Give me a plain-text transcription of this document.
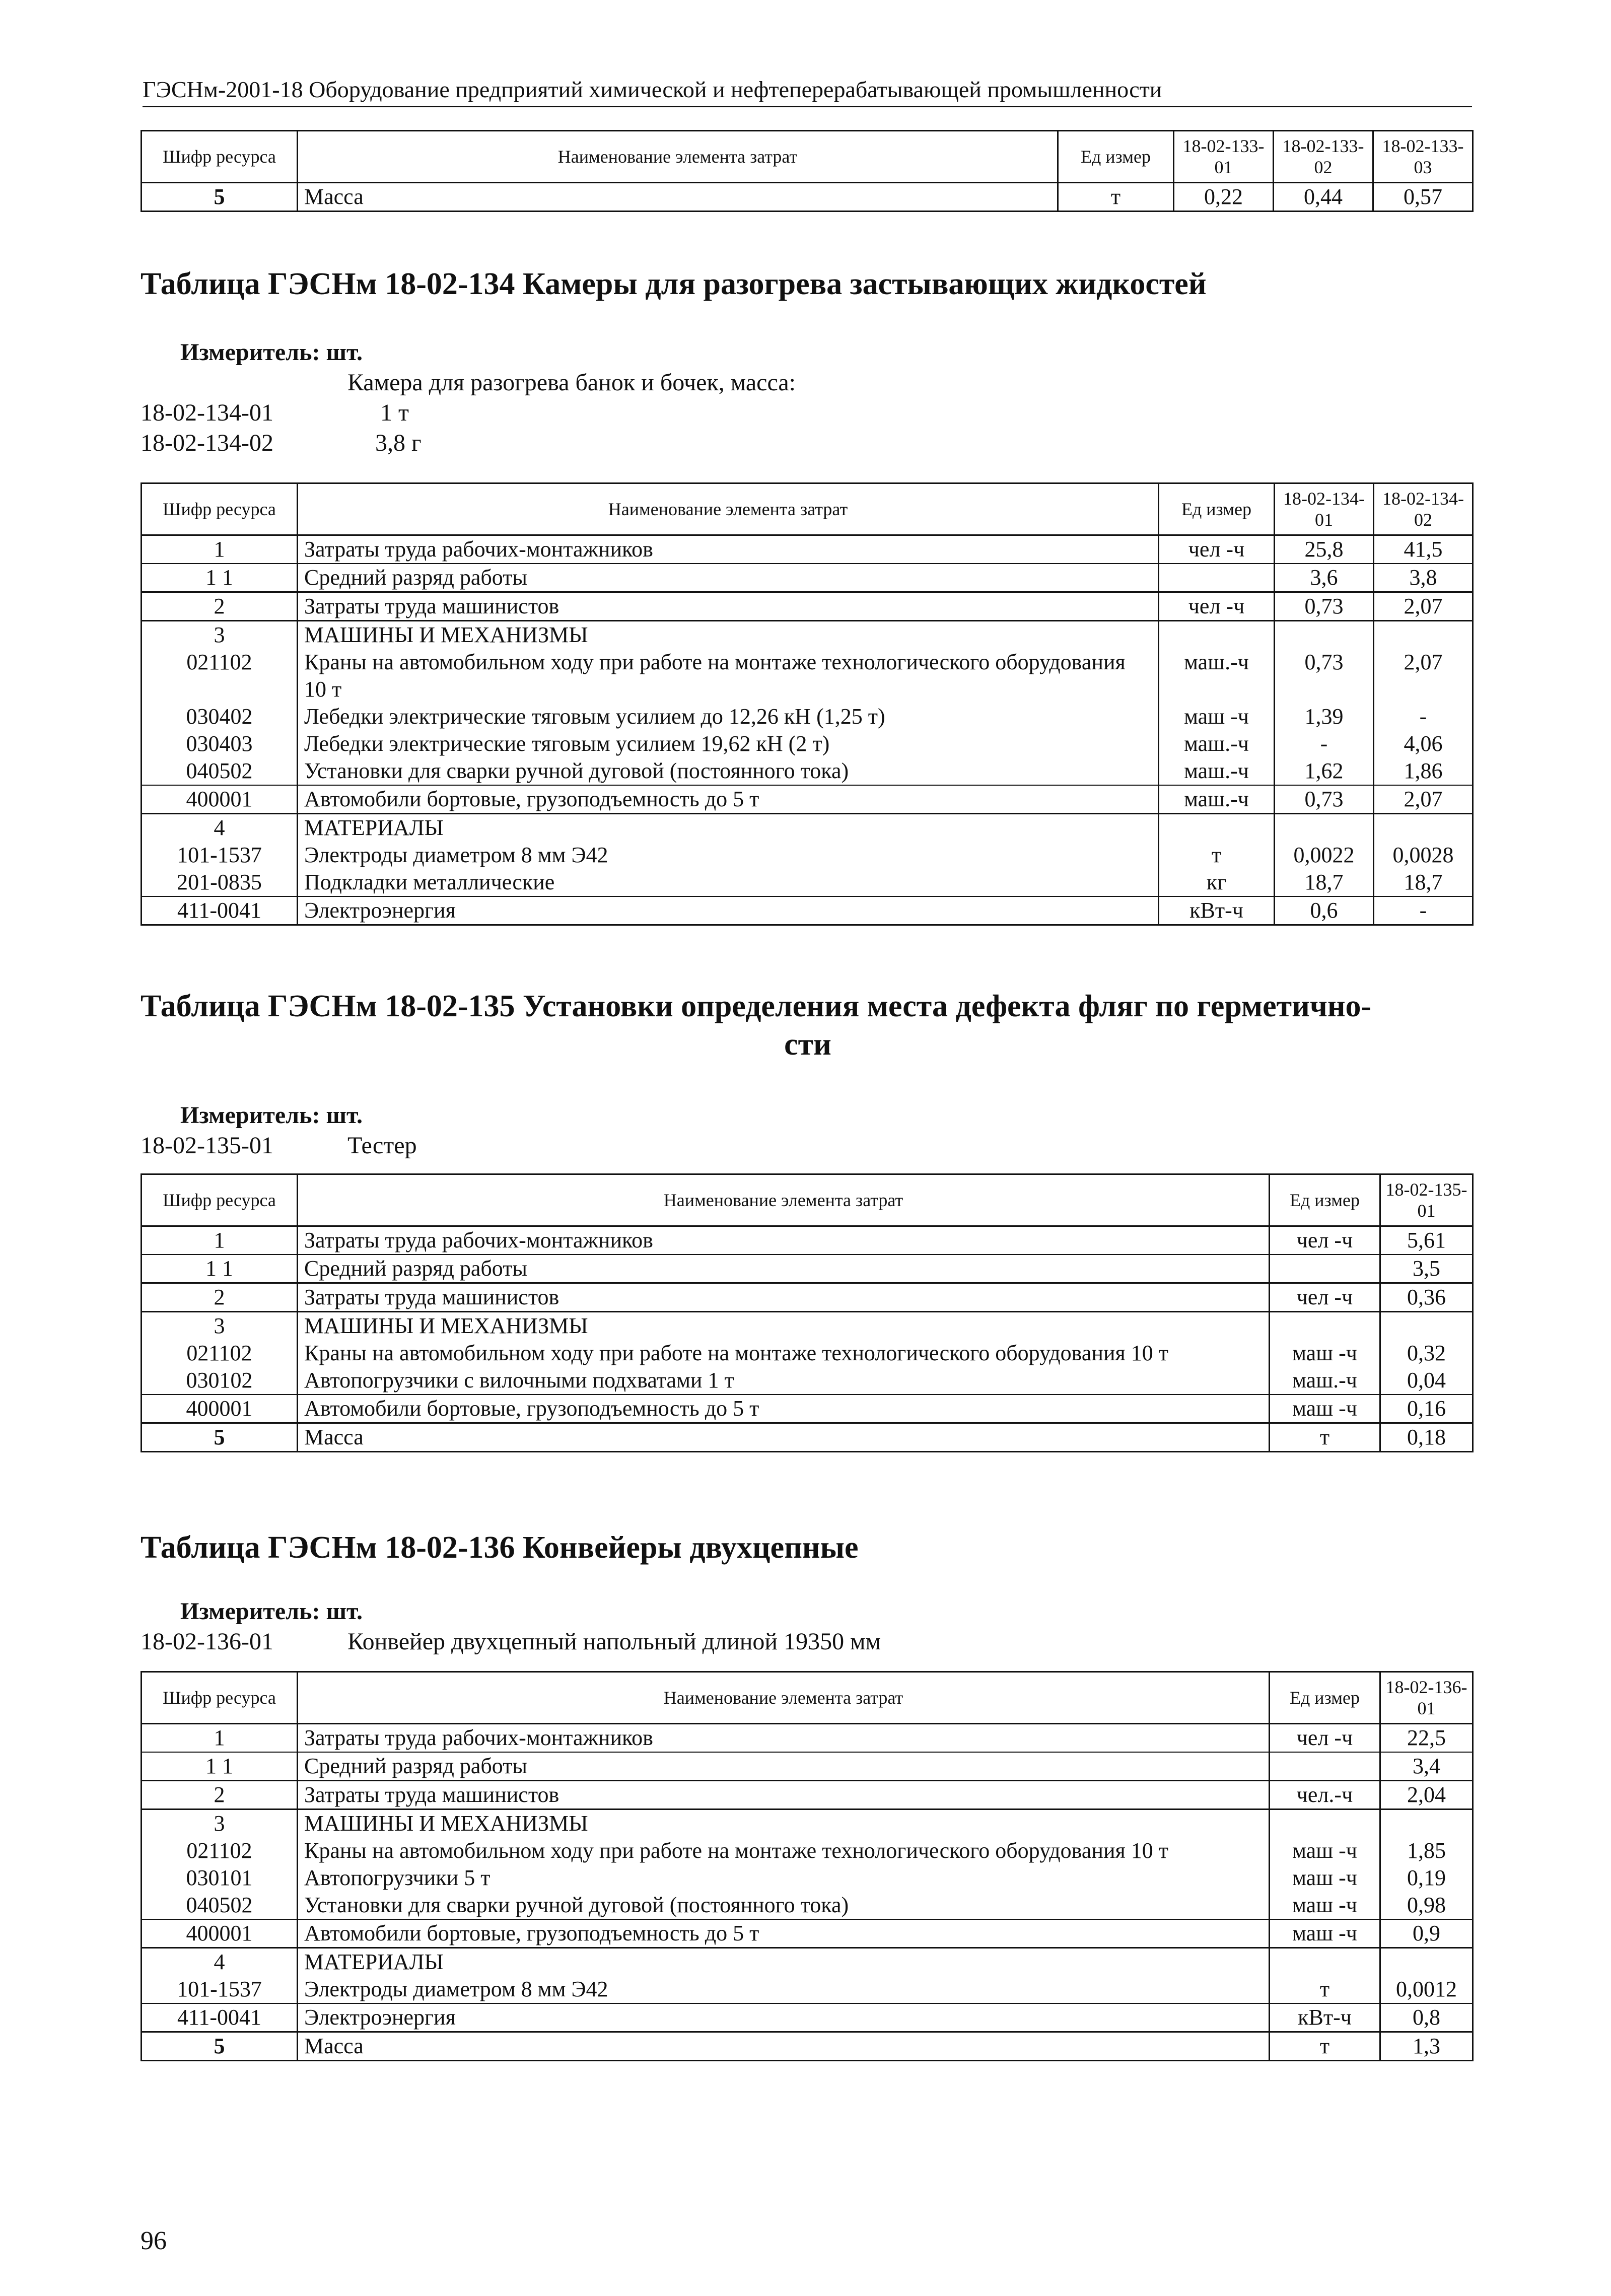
ГЭСНм-2001-18 Оборудование предприятий химической и нефтеперерабатывающей промышленности
Шифр ресурса	Наименование элемента затрат	Ед измер	18-02-133-01	18-02-133-02	18-02-133-03
5	Масса	т	0,22	0,44	0,57
Таблица ГЭСНм 18-02-134 Камеры для разогрева застывающих жидкостей
Измеритель: шт.
Камера для разогрева банок и бочек, масса:
18-02-134-01	1 т
18-02-134-02	3,8 г
Шифр ресурса	Наименование элемента затрат	Ед измер	18-02-134-01	18-02-134-02
1	Затраты труда рабочих-монтажников	чел -ч	25,8	41,5
1 1	Средний разряд работы		3,6	3,8
2	Затраты труда машинистов	чел -ч	0,73	2,07
3	МАШИНЫ И МЕХАНИЗМЫ			
021102	Краны на автомобильном ходу при работе на монтаже технологического оборудования 10 т	маш.-ч	0,73	2,07
030402	Лебедки электрические тяговым усилием до 12,26 кН (1,25 т)	маш -ч	1,39	-
030403	Лебедки электрические тяговым усилием 19,62 кН (2 т)	маш.-ч	-	4,06
040502	Установки для сварки ручной дуговой (постоянного тока)	маш.-ч	1,62	1,86
400001	Автомобили бортовые, грузоподъемность до 5 т	маш.-ч	0,73	2,07
4	МАТЕРИАЛЫ			
101-1537	Электроды диаметром 8 мм Э42	т	0,0022	0,0028
201-0835	Подкладки металлические	кг	18,7	18,7
411-0041	Электроэнергия	кВт-ч	0,6	-
Таблица ГЭСНм 18-02-135 Установки определения места дефекта фляг по герметично-
сти
Измеритель: шт.
18-02-135-01	Тестер
Шифр ресурса	Наименование элемента затрат	Ед измер	18-02-135-01
1	Затраты труда рабочих-монтажников	чел -ч	5,61
1 1	Средний разряд работы		3,5
2	Затраты труда машинистов	чел -ч	0,36
3	МАШИНЫ И МЕХАНИЗМЫ		
021102	Краны на автомобильном ходу при работе на монтаже технологического оборудования 10 т	маш -ч	0,32
030102	Автопогрузчики с вилочными подхватами 1 т	маш.-ч	0,04
400001	Автомобили бортовые, грузоподъемность до 5 т	маш -ч	0,16
5	Масса	т	0,18
Таблица ГЭСНм 18-02-136 Конвейеры двухцепные
Измеритель: шт.
18-02-136-01	Конвейер двухцепный напольный длиной 19350 мм
Шифр ресурса	Наименование элемента затрат	Ед измер	18-02-136-01
1	Затраты труда рабочих-монтажников	чел -ч	22,5
1 1	Средний разряд работы		3,4
2	Затраты труда машинистов	чел.-ч	2,04
3	МАШИНЫ И МЕХАНИЗМЫ		
021102	Краны на автомобильном ходу при работе на монтаже технологического оборудования 10 т	маш -ч	1,85
030101	Автопогрузчики 5 т	маш -ч	0,19
040502	Установки для сварки ручной дуговой (постоянного тока)	маш -ч	0,98
400001	Автомобили бортовые, грузоподъемность до 5 т	маш -ч	0,9
4	МАТЕРИАЛЫ		
101-1537	Электроды диаметром 8 мм Э42	т	0,0012
411-0041	Электроэнергия	кВт-ч	0,8
5	Масса	т	1,3
96
